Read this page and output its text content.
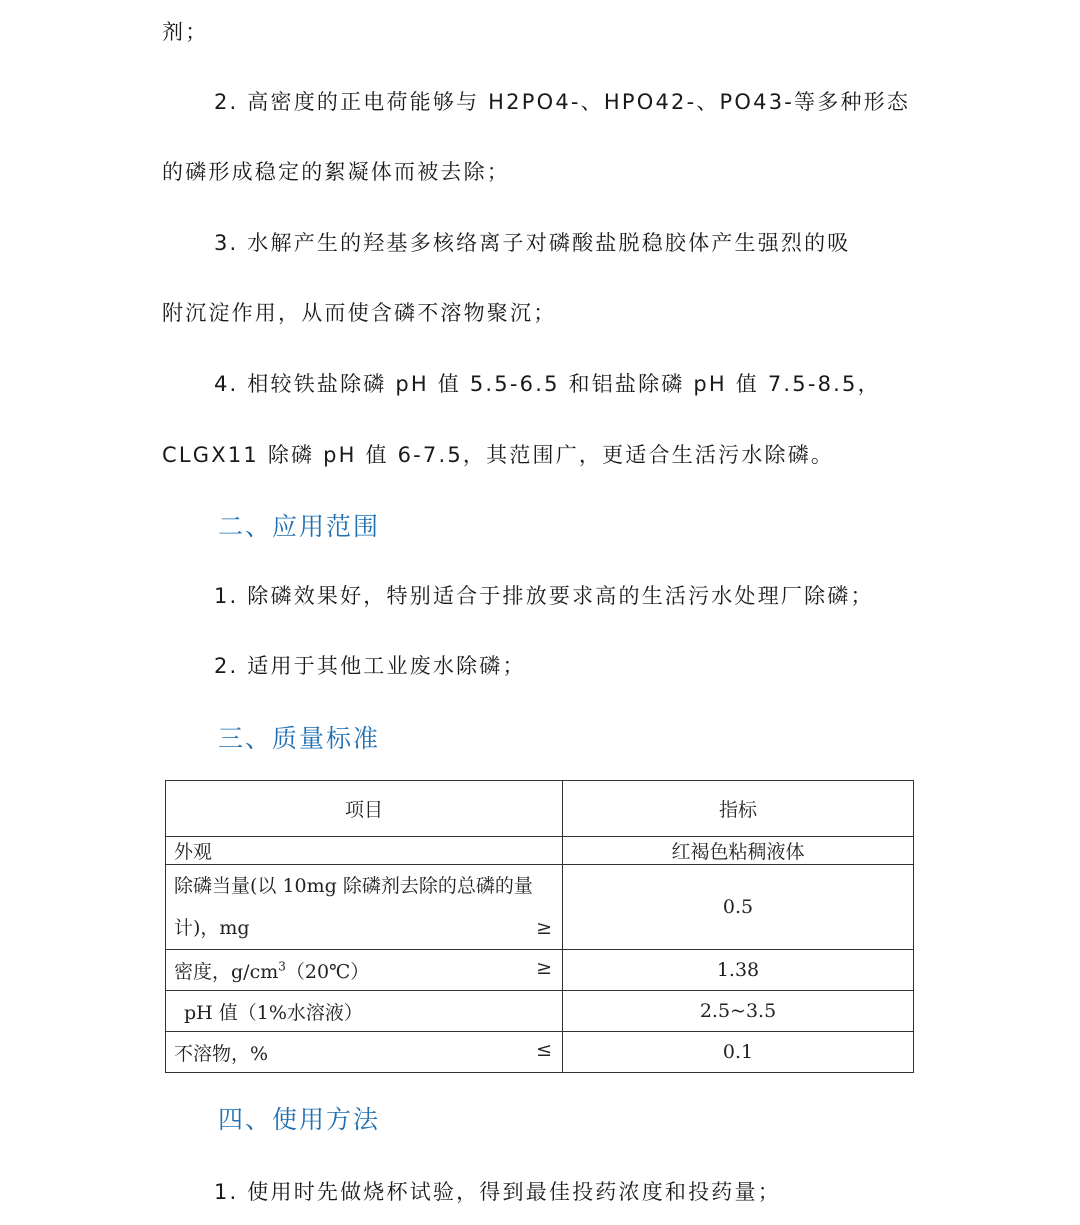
剂；
2. 高密度的正电荷能够与 H2PO4-、HPO42-、PO43-等多种形态
的磷形成稳定的絮凝体而被去除；
3. 水解产生的羟基多核络离子对磷酸盐脱稳胶体产生强烈的吸
附沉淀作用，从而使含磷不溶物聚沉；
4. 相较铁盐除磷 pH 值 5.5-6.5 和铝盐除磷 pH 值 7.5-8.5，
CLGX11 除磷 pH 值 6-7.5，其范围广，更适合生活污水除磷。
二、应用范围
1. 除磷效果好，特别适合于排放要求高的生活污水处理厂除磷；
2. 适用于其他工业废水除磷；
三、质量标准
项目	指标
外观	红褐色粘稠液体

除磷当量(以 10mg 除磷剂去除的总磷的量
计)，mg ≥	0.5

密度，$g/cm^3(20℃)$ ≥	1.38
pH 值（1%水溶液）	2.5~3.5

不溶物，% ≤	0.1
四、使用方法
1. 使用时先做烧杯试验，得到最佳投药浓度和投药量；
